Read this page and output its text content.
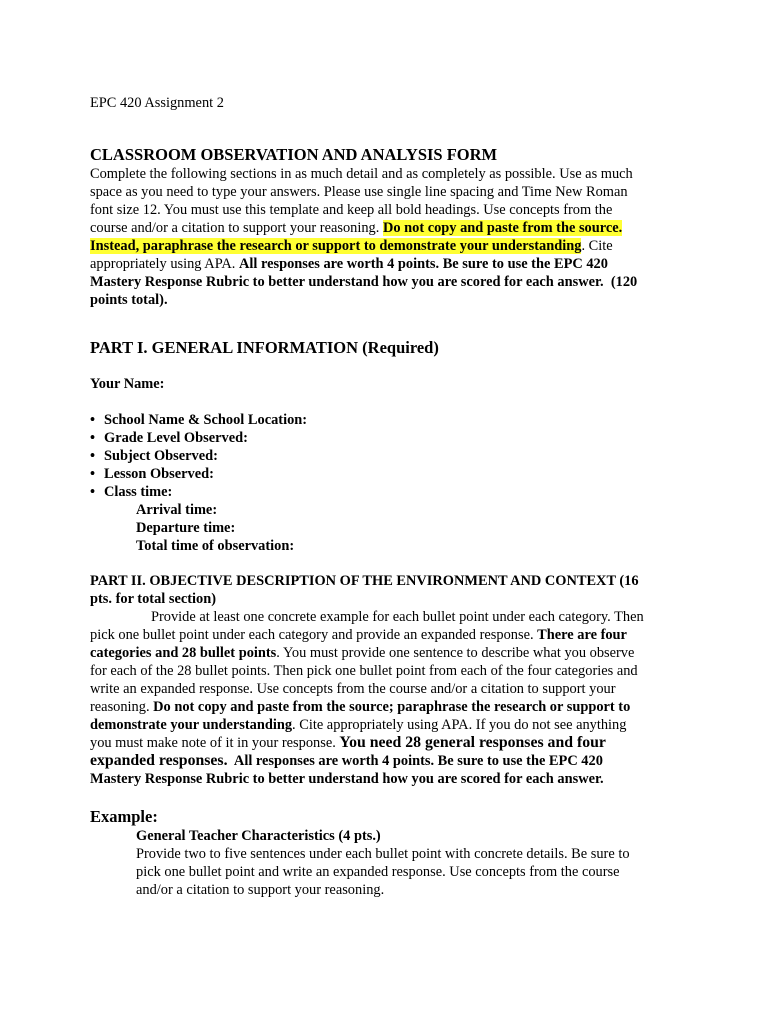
EPC 420 Assignment 2
CLASSROOM OBSERVATION AND ANALYSIS FORM
Complete the following sections in as much detail and as completely as possible. Use as much
space as you need to type your answers. Please use single line spacing and Time New Roman
font size 12. You must use this template and keep all bold headings. Use concepts from the
course and/or a citation to support your reasoning. Do not copy and paste from the source.
Instead, paraphrase the research or support to demonstrate your understanding. Cite
appropriately using APA. All responses are worth 4 points. Be sure to use the EPC 420
Mastery Response Rubric to better understand how you are scored for each answer.  (120
points total).
PART I. GENERAL INFORMATION (Required)
Your Name:
• School Name & School Location:
• Grade Level Observed:
• Subject Observed:
• Lesson Observed:
• Class time:
Arrival time:
Departure time:
Total time of observation:
PART II. OBJECTIVE DESCRIPTION OF THE ENVIRONMENT AND CONTEXT (16
pts. for total section)
Provide at least one concrete example for each bullet point under each category. Then
pick one bullet point under each category and provide an expanded response. There are four
categories and 28 bullet points. You must provide one sentence to describe what you observe
for each of the 28 bullet points. Then pick one bullet point from each of the four categories and
write an expanded response. Use concepts from the course and/or a citation to support your
reasoning. Do not copy and paste from the source; paraphrase the research or support to
demonstrate your understanding. Cite appropriately using APA. If you do not see anything
you must make note of it in your response. You need 28 general responses and four
expanded responses.  All responses are worth 4 points. Be sure to use the EPC 420
Mastery Response Rubric to better understand how you are scored for each answer.
Example:
General Teacher Characteristics (4 pts.)
Provide two to five sentences under each bullet point with concrete details. Be sure to
pick one bullet point and write an expanded response. Use concepts from the course
and/or a citation to support your reasoning.
